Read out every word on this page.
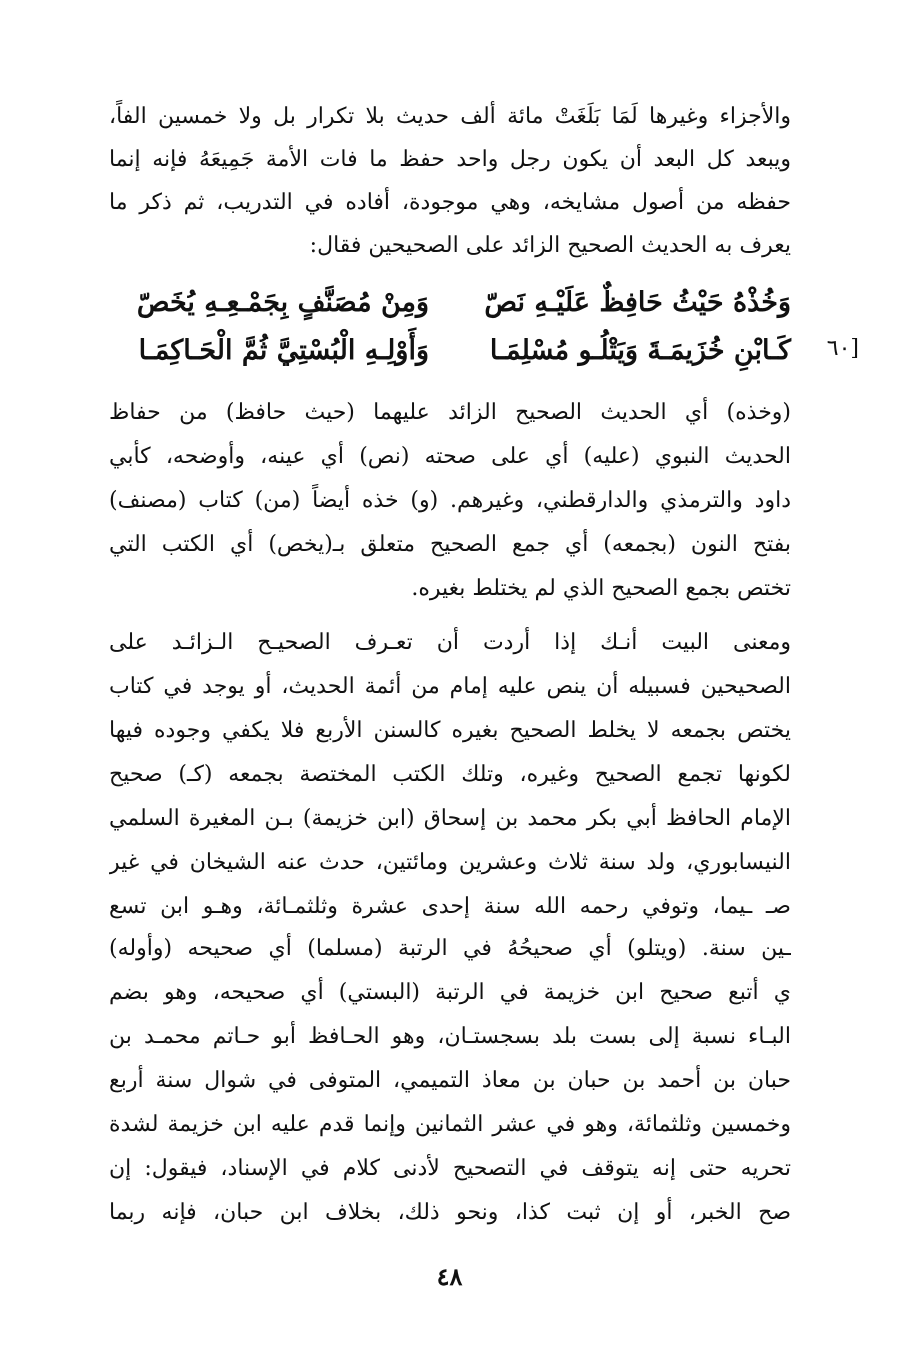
والأجزاء وغيرها لَمَا بَلَغَتْ مائة ألف حديث بلا تكرار بل ولا خمسين الفاً،
ويبعد كل البعد أن يكون رجل واحد حفظ ما فات الأمة جَمِيعَهُ فإنه إنما
حفظه من أصول مشايخه، وهي موجودة، أفاده في التدريب، ثم ذكر ما
يعرف به الحديث الصحيح الزائد على الصحيحين فقال:
وَخُذْهُ حَيْثُ حَافِظٌ عَلَيْـهِ نَصّ
وَمِنْ مُصَنَّفٍ بِجَمْـعِـهِ يُخَصّ
كَـابْنِ خُزَيمَـةَ وَيَتْلُـو مُسْلِمَـا
وَأَوْلِـهِ الْبُسْتِيَّ ثُمَّ الْحَـاكِمَـا	[٦٠
(وخذه) أي الحديث الصحيح الزائد عليهما (حيث حافظ) من حفاظ
الحديث النبوي (عليه) أي على صحته (نص) أي عينه، وأوضحه، كأبي
داود والترمذي والدارقطني، وغيرهم. (و) خذه أيضاً (من) كتاب (مصنف)
بفتح النون (بجمعه) أي جمع الصحيح متعلق بـ(يخص) أي الكتب التي
تختص بجمع الصحيح الذي لم يختلط بغيره.
ومعنى البيت أنـك إذا أردت أن تعـرف الصحيـح الـزائـد على
الصحيحين فسبيله أن ينص عليه إمام من أئمة الحديث، أو يوجد في كتاب
يختص بجمعه لا يخلط الصحيح بغيره كالسنن الأربع فلا يكفي وجوده فيها
لكونها تجمع الصحيح وغيره، وتلك الكتب المختصة بجمعه (كـ) صحيح
الإمام الحافظ أبي بكر محمد بن إسحاق (ابن خزيمة) بـن المغيرة السلمي
النيسابوري، ولد سنة ثلاث وعشرين ومائتين، حدث عنه الشيخان في غير
صـ ـيما، وتوفي رحمه الله سنة إحدى عشرة وثلثمـائة، وهـو ابن تسع
ـين سنة. (ويتلو) أي صحيحُهُ في الرتبة (مسلما) أي صحيحه (وأوله)
ي أتبع صحيح ابن خزيمة في الرتبة (البستي) أي صحيحه، وهو بضم
البـاء نسبة إلى بست بلد بسجستـان، وهو الحـافظ أبو حـاتم محمـد بن
حبان بن أحمد بن حبان بن معاذ التميمي، المتوفى في شوال سنة أربع
وخمسين وثلثمائة، وهو في عشر الثمانين وإنما قدم عليه ابن خزيمة لشدة
تحريه حتى إنه يتوقف في التصحيح لأدنى كلام في الإسناد، فيقول: إن
صح الخبر، أو إن ثبت كذا، ونحو ذلك، بخلاف ابن حبان، فإنه ربما
٤٨
